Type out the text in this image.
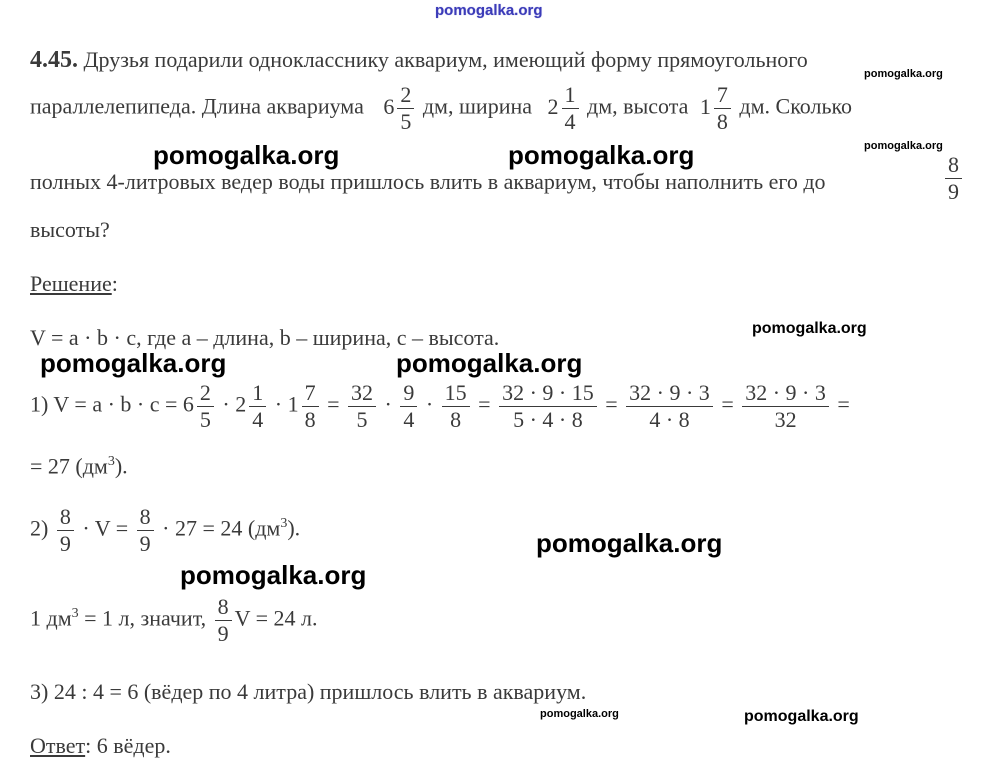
pomogalka.org
4.45. Друзья подарили однокласснику аквариум, имеющий форму прямоугольного
параллелепипеда. Длина аквариума $6 \frac{2}{5}$ дм, ширина $2 \frac{1}{4}$ дм, высота $1 \frac{7}{8}$ дм. Сколько
полных 4-литровых ведер воды пришлось влить в аквариум, чтобы наполнить его до	$\frac{8}{9}$
высоты?
Решение:
V = a · b · c, где a – длина, b – ширина, c – высота.
1) $V = a \cdot b \cdot c = 6 \frac{2}{5} \cdot 2 \frac{1}{4} \cdot 1 \frac{7}{8} = \frac{32}{5} \cdot \frac{9}{4} \cdot \frac{15}{8} = \frac{32 \cdot 9 \cdot 15}{5 \cdot 4 \cdot 8} = \frac{32 \cdot 9 \cdot 3}{4 \cdot 8} = \frac{32 \cdot 9 \cdot 3}{32}$ =
= 27 $(дм^3)$.
$2) \frac{8}{9} \cdot V = \frac{8}{9} \cdot 27 = 24$ $(дм^3)$.
1 $дм^3 = 1$ л, значит, $\frac{8}{9}$ V = 24 л.
3) 24 : 4 = 6 (вёдер по 4 литра) пришлось влить в аквариум.
Ответ: 6 вёдер.
pomogalka.org
pomogalka.org
pomogalka.org	pomogalka.org
pomogalka.org
pomogalka.org	pomogalka.org
pomogalka.org
pomogalka.org
pomogalka.org	pomogalka.org
